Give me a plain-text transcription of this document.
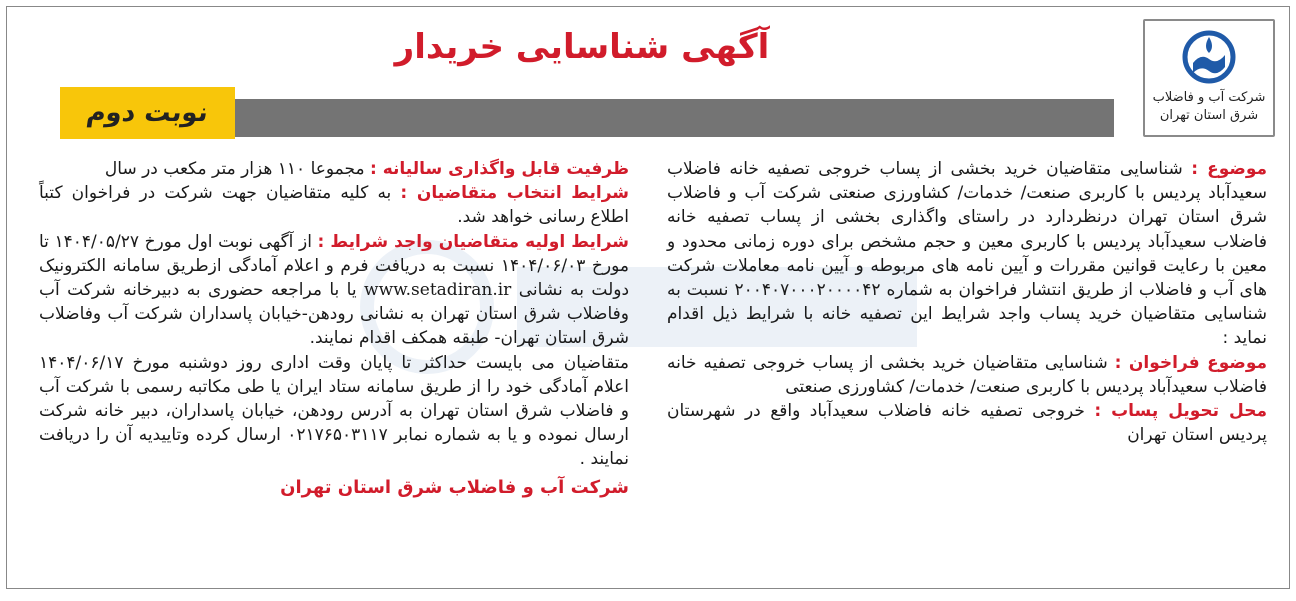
شرکت آب و فاضلاب
شرق استان تهران
آگهی شناسایی خریدار
نوبت دوم
موضوع : شناسایی متقاضیان خرید بخشی از پساب خروجی تصفیه خانه فاضلاب سعیدآباد پردیس با کاربری صنعت/ خدمات/ کشاورزی صنعتی شرکت آب و فاضلاب شرق استان تهران درنظردارد در راستای واگذاری بخشی از پساب تصفیه خانه فاضلاب سعیدآباد پردیس با کاربری معین و حجم مشخص برای دوره زمانی محدود و معین با رعایت قوانین مقررات و آیین نامه های مربوطه و آیین نامه معاملات شرکت های آب و فاضلاب از طریق انتشار فراخوان به شماره ۲۰۰۴۰۷۰۰۰۲۰۰۰۰۴۲ نسبت به شناسایی متقاضیان خرید پساب واجد شرایط این تصفیه خانه با شرایط ذیل اقدام نماید :
موضوع فراخوان : شناسایی متقاضیان خرید بخشی از پساب خروجی تصفیه خانه فاضلاب سعیدآباد پردیس با کاربری صنعت/ خدمات/ کشاورزی صنعتی
محل تحویل پساب : خروجی تصفیه خانه فاضلاب سعیدآباد واقع در شهرستان پردیس استان تهران
ظرفیت قابل واگذاری سالیانه : مجموعا ۱۱۰ هزار متر مکعب در سال
شرایط انتخاب متقاضیان : به کلیه متقاضیان جهت شرکت در فراخوان کتباً اطلاع رسانی خواهد شد.
شرایط اولیه متقاضیان واجد شرایط : از آگهی نوبت اول مورخ ۱۴۰۴/۰۵/۲۷ تا مورخ ۱۴۰۴/۰۶/۰۳ نسبت به دریافت فرم و اعلام آمادگی ازطریق سامانه الکترونیک دولت به نشانی www.setadiran.ir یا با مراجعه حضوری به دبیرخانه شرکت آب وفاضلاب شرق استان تهران به نشانی رودهن-خیابان پاسداران شرکت آب وفاضلاب شرق استان تهران- طبقه همکف اقدام نمایند.
متقاضیان می بایست حداکثر تا پایان وقت اداری روز دوشنبه مورخ ۱۴۰۴/۰۶/۱۷ اعلام آمادگی خود را از طریق سامانه ستاد ایران یا طی مکاتبه رسمی با شرکت آب و فاضلاب شرق استان تهران به آدرس رودهن، خیابان پاسداران، دبیر خانه شرکت ارسال نموده و یا به شماره نمابر ۰۲۱۷۶۵۰۳۱۱۷ ارسال کرده وتاییدیه آن را دریافت نمایند .
شرکت آب و فاضلاب شرق استان تهران
